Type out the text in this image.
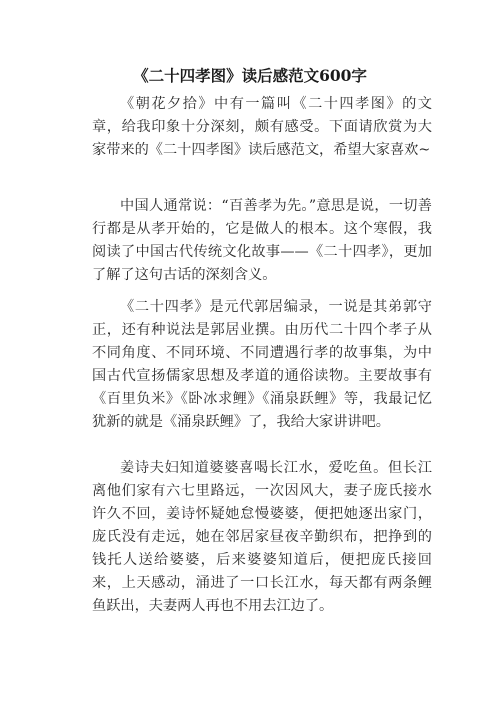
《二十四孝图》读后感范文600字

《朝花夕拾》中有一篇叫《二十四孝图》的文章，给我印象十分深刻，颇有感受。下面请欣赏为大家带来的《二十四孝图》读后感范文，希望大家喜欢~

中国人通常说：“百善孝为先。”意思是说，一切善行都是从孝开始的，它是做人的根本。这个寒假，我阅读了中国古代传统文化故事——《二十四孝》，更加了解了这句古话的深刻含义。

《二十四孝》是元代郭居编录，一说是其弟郭守正，还有种说法是郭居业撰。由历代二十四个孝子从不同角度、不同环境、不同遭遇行孝的故事集，为中国古代宣扬儒家思想及孝道的通俗读物。主要故事有《百里负米》《卧冰求鲤》《涌泉跃鲤》等，我最记忆犹新的就是《涌泉跃鲤》了，我给大家讲讲吧。

姜诗夫妇知道婆婆喜喝长江水，爱吃鱼。但长江离他们家有六七里路远，一次因风大，妻子庞氏接水许久不回，姜诗怀疑她怠慢婆婆，便把她逐出家门，庞氏没有走远，她在邻居家昼夜辛勤织布，把挣到的钱托人送给婆婆，后来婆婆知道后，便把庞氏接回来，上天感动，涌进了一口长江水，每天都有两条鲤鱼跃出，夫妻两人再也不用去江边了。
